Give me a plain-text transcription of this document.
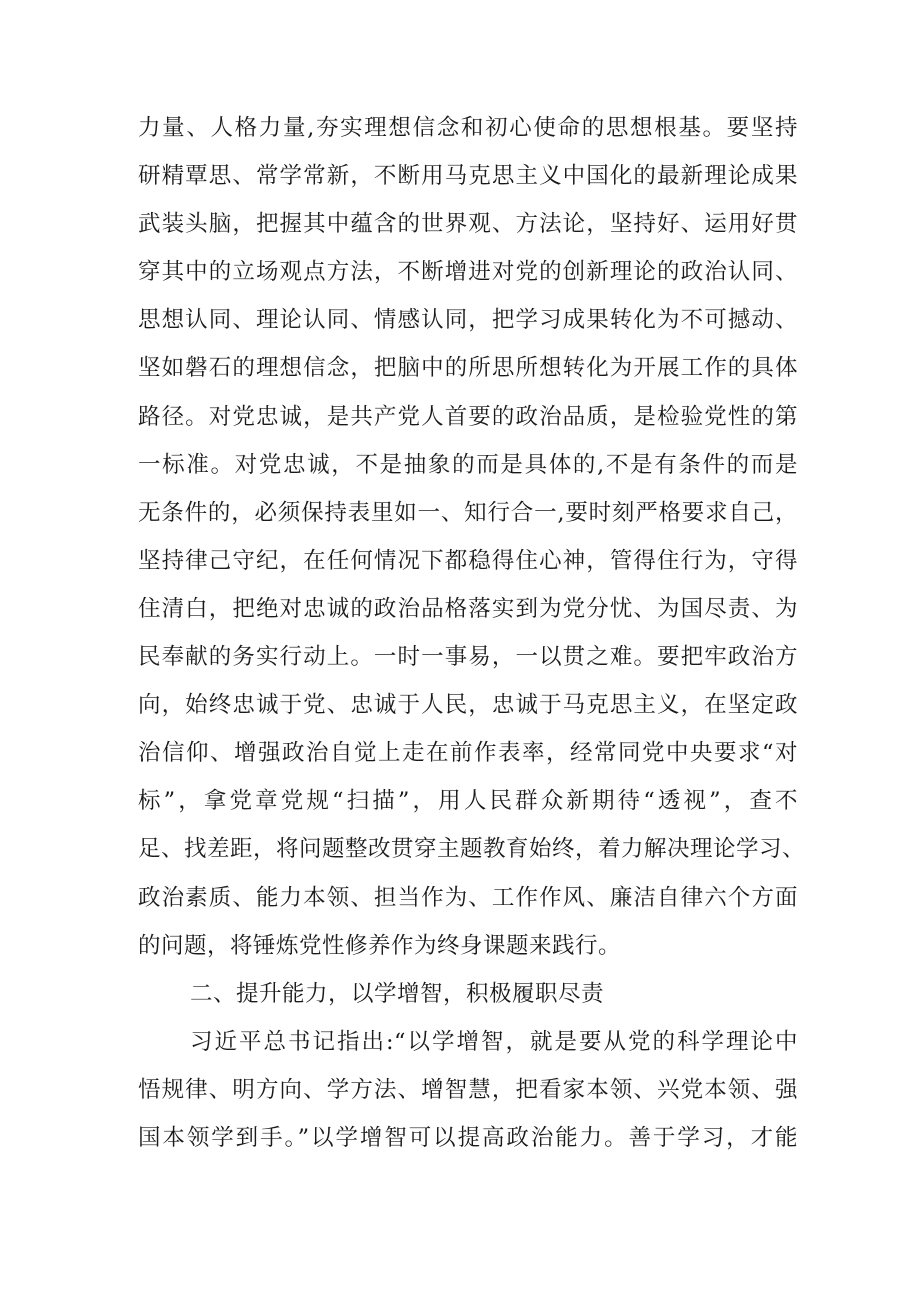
力量、人格力量,夯实理想信念和初心使命的思想根基。要坚持
研精覃思、常学常新，不断用马克思主义中国化的最新理论成果
武装头脑，把握其中蕴含的世界观、方法论，坚持好、运用好贯
穿其中的立场观点方法，不断增进对党的创新理论的政治认同、
思想认同、理论认同、情感认同，把学习成果转化为不可撼动、
坚如磐石的理想信念，把脑中的所思所想转化为开展工作的具体
路径。对党忠诚，是共产党人首要的政治品质，是检验党性的第
一标准。对党忠诚，不是抽象的而是具体的,不是有条件的而是
无条件的，必须保持表里如一、知行合一,要时刻严格要求自己，
坚持律己守纪，在任何情况下都稳得住心神，管得住行为，守得
住清白，把绝对忠诚的政治品格落实到为党分忧、为国尽责、为
民奉献的务实行动上。一时一事易，一以贯之难。要把牢政治方
向，始终忠诚于党、忠诚于人民，忠诚于马克思主义，在坚定政
治信仰、增强政治自觉上走在前作表率，经常同党中央要求“对
标”，拿党章党规“扫描”，用人民群众新期待“透视”，查不
足、找差距，将问题整改贯穿主题教育始终，着力解决理论学习、
政治素质、能力本领、担当作为、工作作风、廉洁自律六个方面
的问题，将锤炼党性修养作为终身课题来践行。
二、提升能力，以学增智，积极履职尽责
习近平总书记指出:“以学增智，就是要从党的科学理论中
悟规律、明方向、学方法、增智慧，把看家本领、兴党本领、强
国本领学到手。”以学增智可以提高政治能力。善于学习，才能
